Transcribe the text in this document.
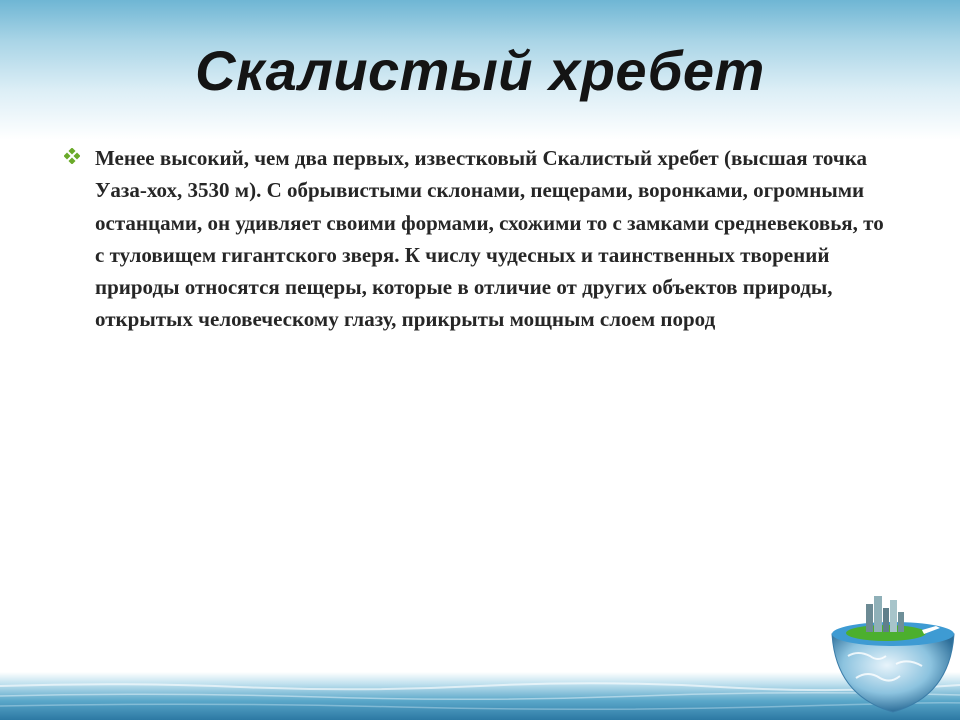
Скалистый хребет
Менее высокий, чем два первых, известковый Скалистый хребет (высшая точка Уаза-хох, 3530 м). С обрывистыми склонами, пещерами, воронками, огромными останцами, он удивляет своими формами, схожими то с замками средневековья, то с туловищем гигантского зверя. К числу чудесных и таинственных творений природы относятся пещеры, которые в отличие от других объектов природы, открытых человеческому глазу, прикрыты мощным слоем пород
